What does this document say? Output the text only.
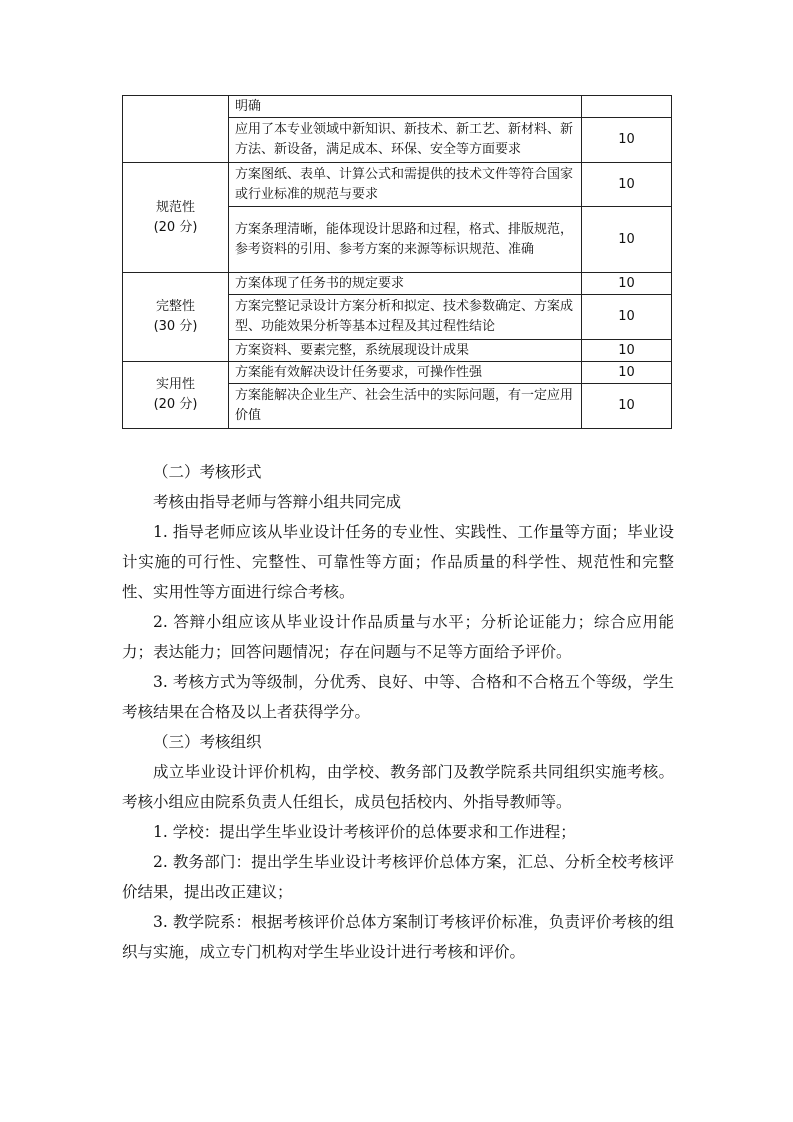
	明确	
	应用了本专业领域中新知识、新技术、新工艺、新材料、新方法、新设备，满足成本、环保、安全等方面要求	10

规范性
(20 分)	方案图纸、表单、计算公式和需提供的技术文件等符合国家或行业标准的规范与要求	10
	方案条理清晰，能体现设计思路和过程，格式、排版规范，参考资料的引用、参考方案的来源等标识规范、准确	10

完整性
(30 分)	方案体现了任务书的规定要求	10
	方案完整记录设计方案分析和拟定、技术参数确定、方案成型、功能效果分析等基本过程及其过程性结论	10
	方案资料、要素完整，系统展现设计成果	10

实用性
(20 分)	方案能有效解决设计任务要求，可操作性强	10
	方案能解决企业生产、社会生活中的实际问题，有一定应用价值	10

（二）考核形式

考核由指导老师与答辩小组共同完成

1. 指导老师应该从毕业设计任务的专业性、实践性、工作量等方面；毕业设计实施的可行性、完整性、可靠性等方面；作品质量的科学性、规范性和完整性、实用性等方面进行综合考核。

2. 答辩小组应该从毕业设计作品质量与水平；分析论证能力；综合应用能力；表达能力；回答问题情况；存在问题与不足等方面给予评价。

3. 考核方式为等级制，分优秀、良好、中等、合格和不合格五个等级，学生考核结果在合格及以上者获得学分。

（三）考核组织

成立毕业设计评价机构，由学校、教务部门及教学院系共同组织实施考核。考核小组应由院系负责人任组长，成员包括校内、外指导教师等。

1. 学校：提出学生毕业设计考核评价的总体要求和工作进程；

2. 教务部门：提出学生毕业设计考核评价总体方案，汇总、分析全校考核评价结果，提出改正建议；

3. 教学院系：根据考核评价总体方案制订考核评价标准，负责评价考核的组织与实施，成立专门机构对学生毕业设计进行考核和评价。
